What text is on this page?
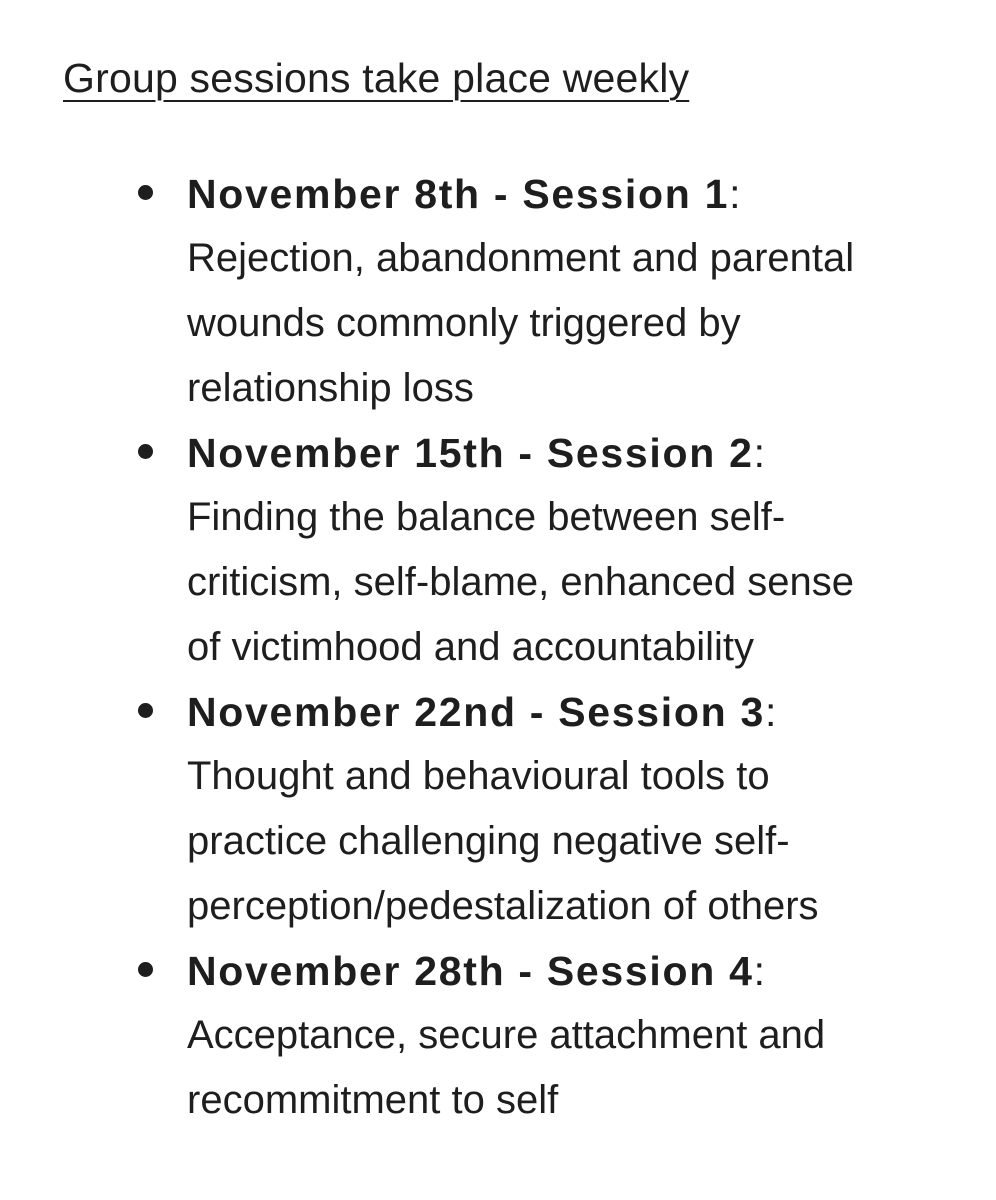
Group sessions take place weekly
November 8th - Session 1:

Rejection, abandonment and parental
wounds commonly triggered by
relationship loss

November 15th - Session 2:

Finding the balance between self-
criticism, self-blame, enhanced sense
of victimhood and accountability

November 22nd - Session 3:

Thought and behavioural tools to
practice challenging negative self-
perception/pedestalization of others

November 28th - Session 4:

Acceptance, secure attachment and
recommitment to self
